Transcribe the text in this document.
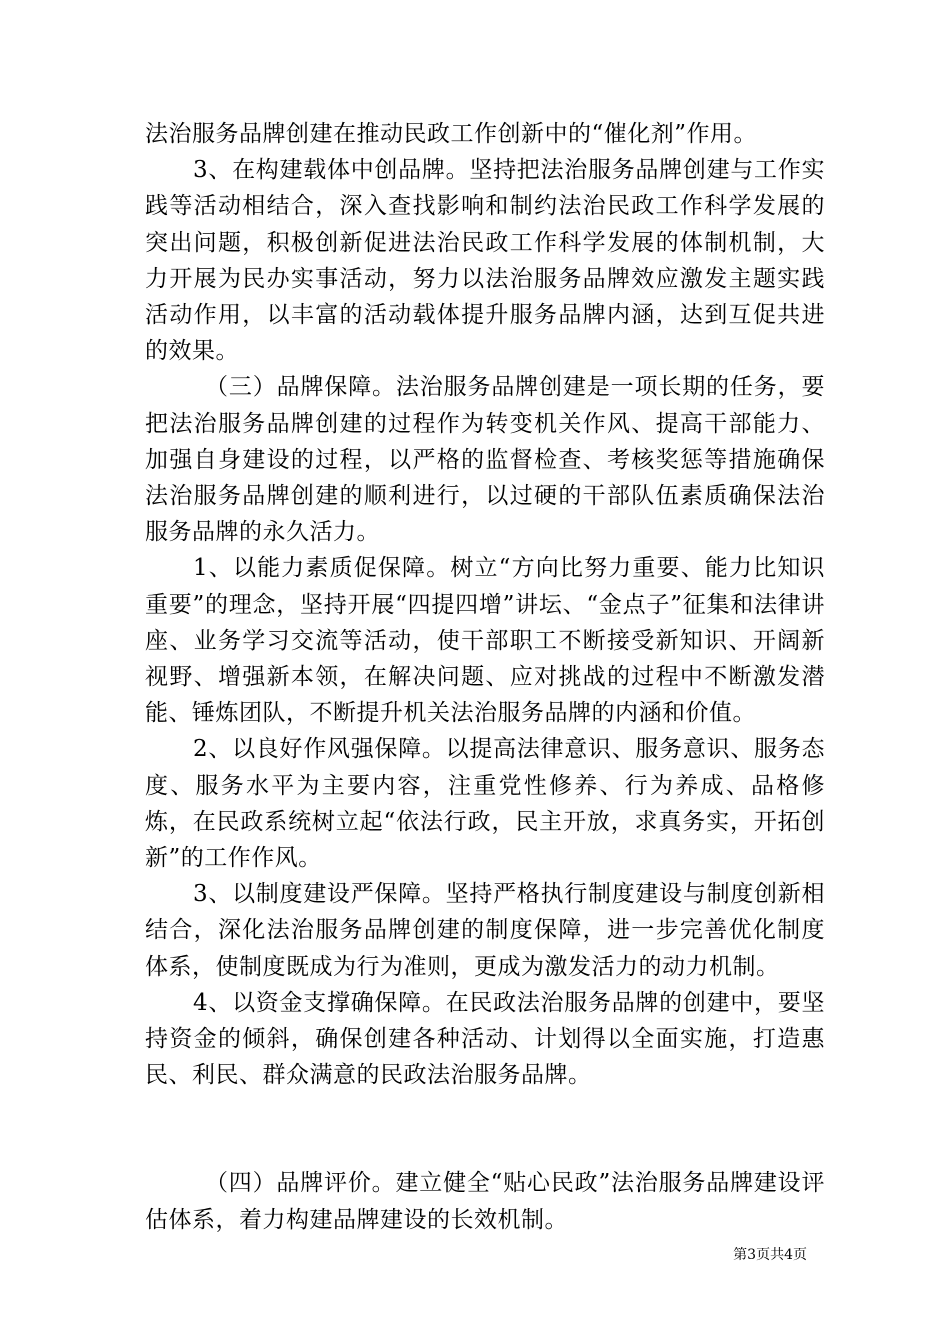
法治服务品牌创建在推动民政工作创新中的“催化剂”作用。

3、在构建载体中创品牌。坚持把法治服务品牌创建与工作实践等活动相结合，深入查找影响和制约法治民政工作科学发展的突出问题，积极创新促进法治民政工作科学发展的体制机制，大力开展为民办实事活动，努力以法治服务品牌效应激发主题实践活动作用，以丰富的活动载体提升服务品牌内涵，达到互促共进的效果。

（三）品牌保障。法治服务品牌创建是一项长期的任务，要把法治服务品牌创建的过程作为转变机关作风、提高干部能力、加强自身建设的过程，以严格的监督检查、考核奖惩等措施确保法治服务品牌创建的顺利进行，以过硬的干部队伍素质确保法治服务品牌的永久活力。

1、以能力素质促保障。树立“方向比努力重要、能力比知识重要”的理念，坚持开展“四提四增”讲坛、“金点子”征集和法律讲座、业务学习交流等活动，使干部职工不断接受新知识、开阔新视野、增强新本领，在解决问题、应对挑战的过程中不断激发潜能、锤炼团队，不断提升机关法治服务品牌的内涵和价值。

2、以良好作风强保障。以提高法律意识、服务意识、服务态度、服务水平为主要内容，注重党性修养、行为养成、品格修炼，在民政系统树立起“依法行政，民主开放，求真务实，开拓创新”的工作作风。

3、以制度建设严保障。坚持严格执行制度建设与制度创新相结合，深化法治服务品牌创建的制度保障，进一步完善优化制度体系，使制度既成为行为准则，更成为激发活力的动力机制。

4、以资金支撑确保障。在民政法治服务品牌的创建中，要坚持资金的倾斜，确保创建各种活动、计划得以全面实施，打造惠民、利民、群众满意的民政法治服务品牌。

（四）品牌评价。建立健全“贴心民政”法治服务品牌建设评估体系，着力构建品牌建设的长效机制。

第3页共4页
